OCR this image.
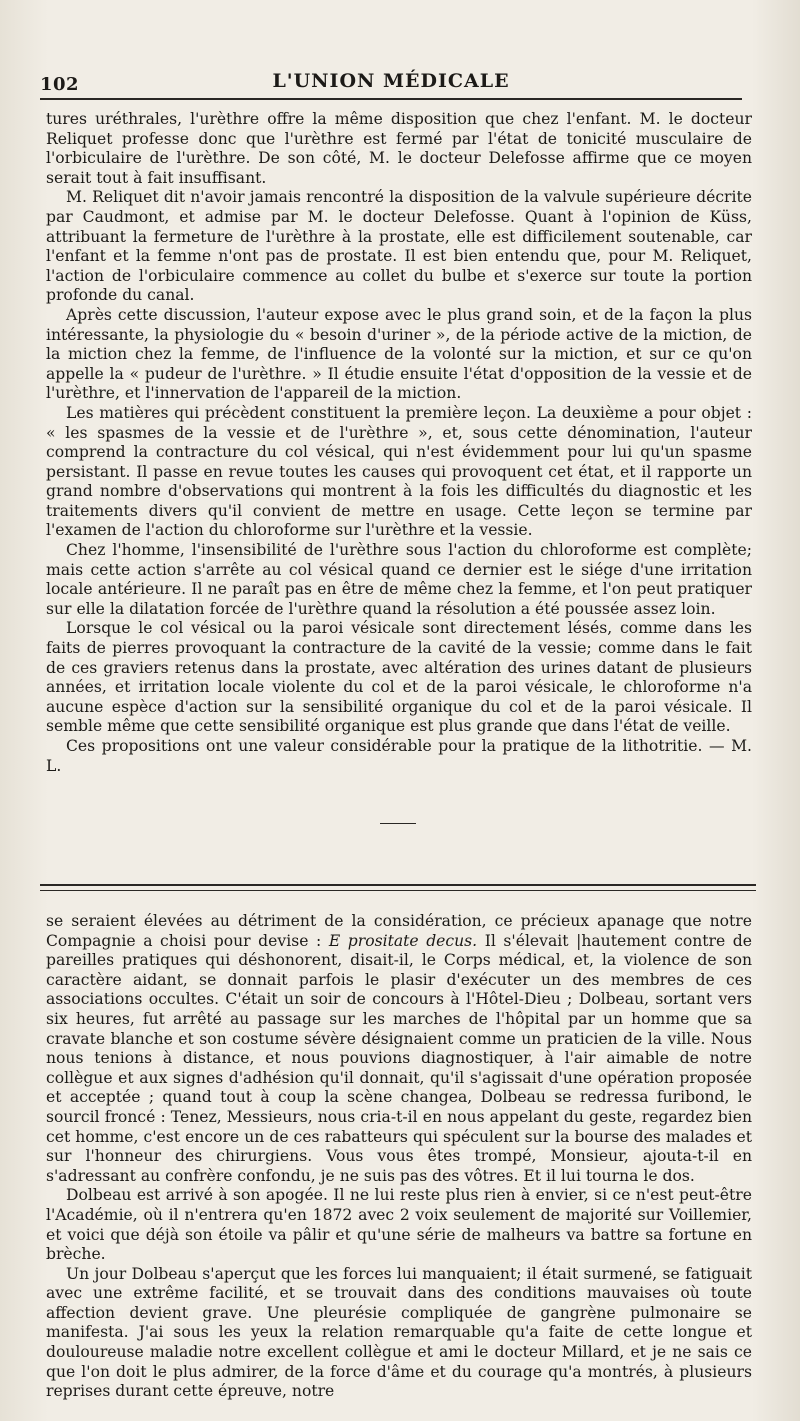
102	L'UNION MÉDICALE

tures uréthrales, l'urèthre offre la même disposition que chez l'enfant. M. le docteur Reliquet professe donc que l'urèthre est fermé par l'état de tonicité musculaire de l'orbiculaire de l'urèthre. De son côté, M. le docteur Delefosse affirme que ce moyen serait tout à fait insuffisant.

M. Reliquet dit n'avoir jamais rencontré la disposition de la valvule supérieure décrite par Caudmont, et admise par M. le docteur Delefosse. Quant à l'opinion de Küss, attribuant la fermeture de l'urèthre à la prostate, elle est difficilement soutenable, car l'enfant et la femme n'ont pas de prostate. Il est bien entendu que, pour M. Reliquet, l'action de l'orbiculaire commence au collet du bulbe et s'exerce sur toute la portion profonde du canal.

Après cette discussion, l'auteur expose avec le plus grand soin, et de la façon la plus intéressante, la physiologie du « besoin d'uriner », de la période active de la miction, de la miction chez la femme, de l'influence de la volonté sur la miction, et sur ce qu'on appelle la « pudeur de l'urèthre. » Il étudie ensuite l'état d'opposition de la vessie et de l'urèthre, et l'innervation de l'appareil de la miction.

Les matières qui précèdent constituent la première leçon. La deuxième a pour objet : « les spasmes de la vessie et de l'urèthre », et, sous cette dénomination, l'auteur comprend la contracture du col vésical, qui n'est évidemment pour lui qu'un spasme persistant. Il passe en revue toutes les causes qui provoquent cet état, et il rapporte un grand nombre d'observations qui montrent à la fois les difficultés du diagnostic et les traitements divers qu'il convient de mettre en usage. Cette leçon se termine par l'examen de l'action du chloroforme sur l'urèthre et la vessie.

Chez l'homme, l'insensibilité de l'urèthre sous l'action du chloroforme est complète; mais cette action s'arrête au col vésical quand ce dernier est le siége d'une irritation locale antérieure. Il ne paraît pas en être de même chez la femme, et l'on peut pratiquer sur elle la dilatation forcée de l'urèthre quand la résolution a été poussée assez loin.

Lorsque le col vésical ou la paroi vésicale sont directement lésés, comme dans les faits de pierres provoquant la contracture de la cavité de la vessie; comme dans le fait de ces graviers retenus dans la prostate, avec altération des urines datant de plusieurs années, et irritation locale violente du col et de la paroi vésicale, le chloroforme n'a aucune espèce d'action sur la sensibilité organique du col et de la paroi vésicale. Il semble même que cette sensibilité organique est plus grande que dans l'état de veille.

Ces propositions ont une valeur considérable pour la pratique de la lithotritie. — M. L.

se seraient élevées au détriment de la considération, ce précieux apanage que notre Compagnie a choisi pour devise : E prositate decus. Il s'élevait |hautement contre de pareilles pratiques qui déshonorent, disait-il, le Corps médical, et, la violence de son caractère aidant, se donnait parfois le plasir d'exécuter un des membres de ces associations occultes. C'était un soir de concours à l'Hôtel-Dieu ; Dolbeau, sortant vers six heures, fut arrêté au passage sur les marches de l'hôpital par un homme que sa cravate blanche et son costume sévère désignaient comme un praticien de la ville. Nous nous tenions à distance, et nous pouvions diagnostiquer, à l'air aimable de notre collègue et aux signes d'adhésion qu'il donnait, qu'il s'agissait d'une opération proposée et acceptée ; quand tout à coup la scène changea, Dolbeau se redressa furibond, le sourcil froncé : Tenez, Messieurs, nous cria-t-il en nous appelant du geste, regardez bien cet homme, c'est encore un de ces rabatteurs qui spéculent sur la bourse des malades et sur l'honneur des chirurgiens. Vous vous êtes trompé, Monsieur, ajouta-t-il en s'adressant au confrère confondu, je ne suis pas des vôtres. Et il lui tourna le dos.

Dolbeau est arrivé à son apogée. Il ne lui reste plus rien à envier, si ce n'est peut-être l'Académie, où il n'entrera qu'en 1872 avec 2 voix seulement de majorité sur Voillemier, et voici que déjà son étoile va pâlir et qu'une série de malheurs va battre sa fortune en brèche.

Un jour Dolbeau s'aperçut que les forces lui manquaient; il était surmené, se fatiguait avec une extrême facilité, et se trouvait dans des conditions mauvaises où toute affection devient grave. Une pleurésie compliquée de gangrène pulmonaire se manifesta. J'ai sous les yeux la relation remarquable qu'a faite de cette longue et douloureuse maladie notre excellent collègue et ami le docteur Millard, et je ne sais ce que l'on doit le plus admirer, de la force d'âme et du courage qu'a montrés, à plusieurs reprises durant cette épreuve, notre
